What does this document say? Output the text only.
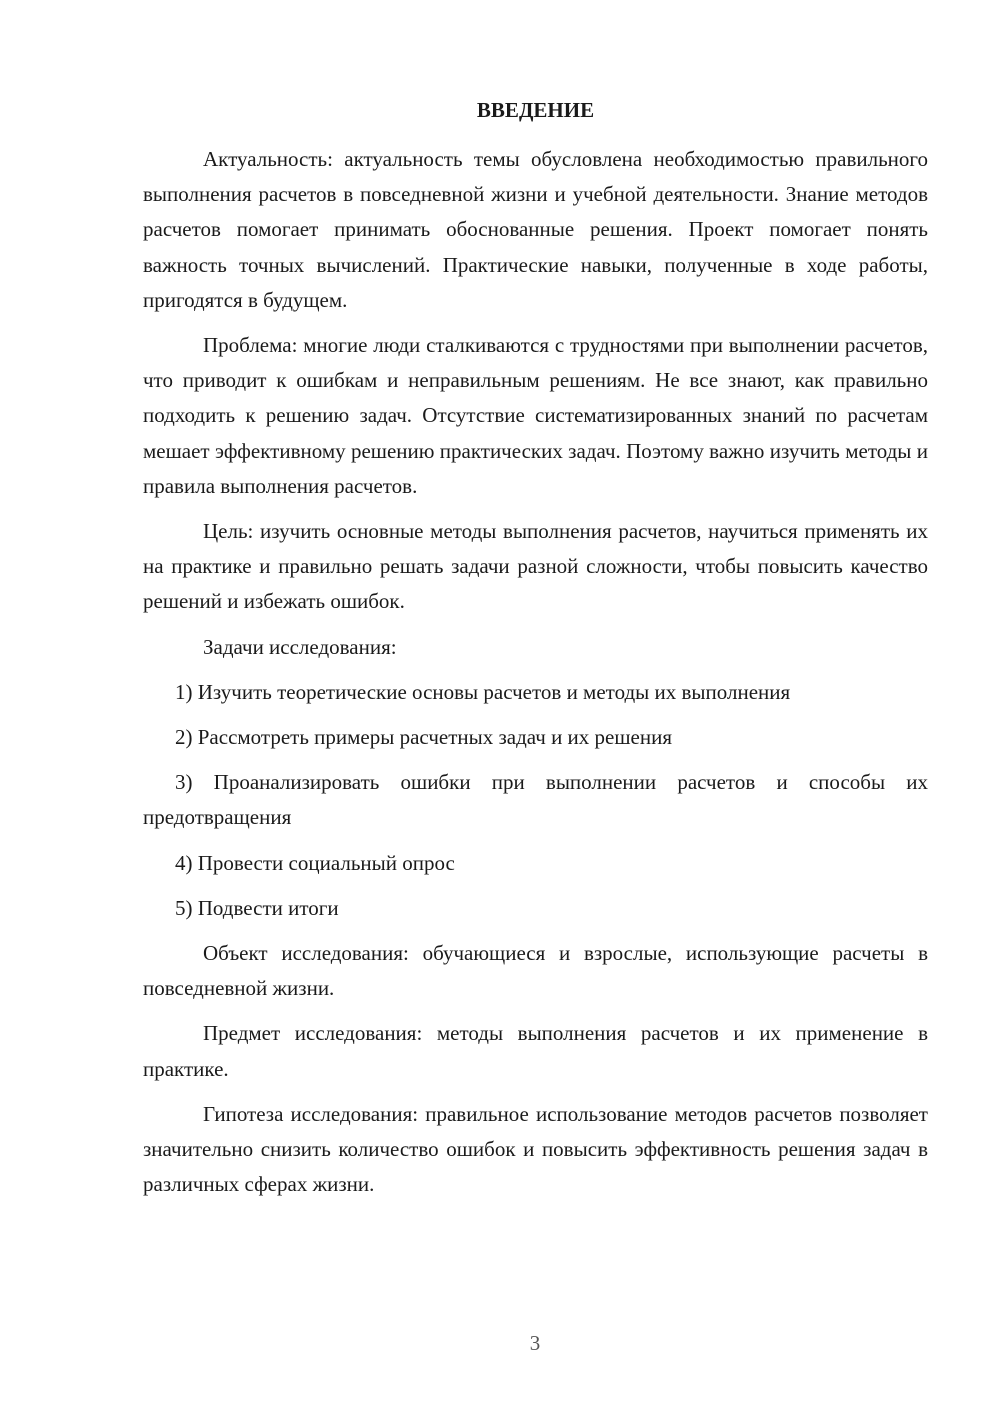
ВВЕДЕНИЕ

Актуальность: актуальность темы обусловлена необходимостью правильного выполнения расчетов в повседневной жизни и учебной деятельности. Знание методов расчетов помогает принимать обоснованные решения. Проект помогает понять важность точных вычислений. Практические навыки, полученные в ходе работы, пригодятся в будущем.

Проблема: многие люди сталкиваются с трудностями при выполнении расчетов, что приводит к ошибкам и неправильным решениям. Не все знают, как правильно подходить к решению задач. Отсутствие систематизированных знаний по расчетам мешает эффективному решению практических задач. Поэтому важно изучить методы и правила выполнения расчетов.

Цель: изучить основные методы выполнения расчетов, научиться применять их на практике и правильно решать задачи разной сложности, чтобы повысить качество решений и избежать ошибок.

Задачи исследования:

1) Изучить теоретические основы расчетов и методы их выполнения

2) Рассмотреть примеры расчетных задач и их решения

3) Проанализировать ошибки при выполнении расчетов и способы их предотвращения

4) Провести социальный опрос

5) Подвести итоги

Объект исследования: обучающиеся и взрослые, использующие расчеты в повседневной жизни.

Предмет исследования: методы выполнения расчетов и их применение в практике.

Гипотеза исследования: правильное использование методов расчетов позволяет значительно снизить количество ошибок и повысить эффективность решения задач в различных сферах жизни.

3
